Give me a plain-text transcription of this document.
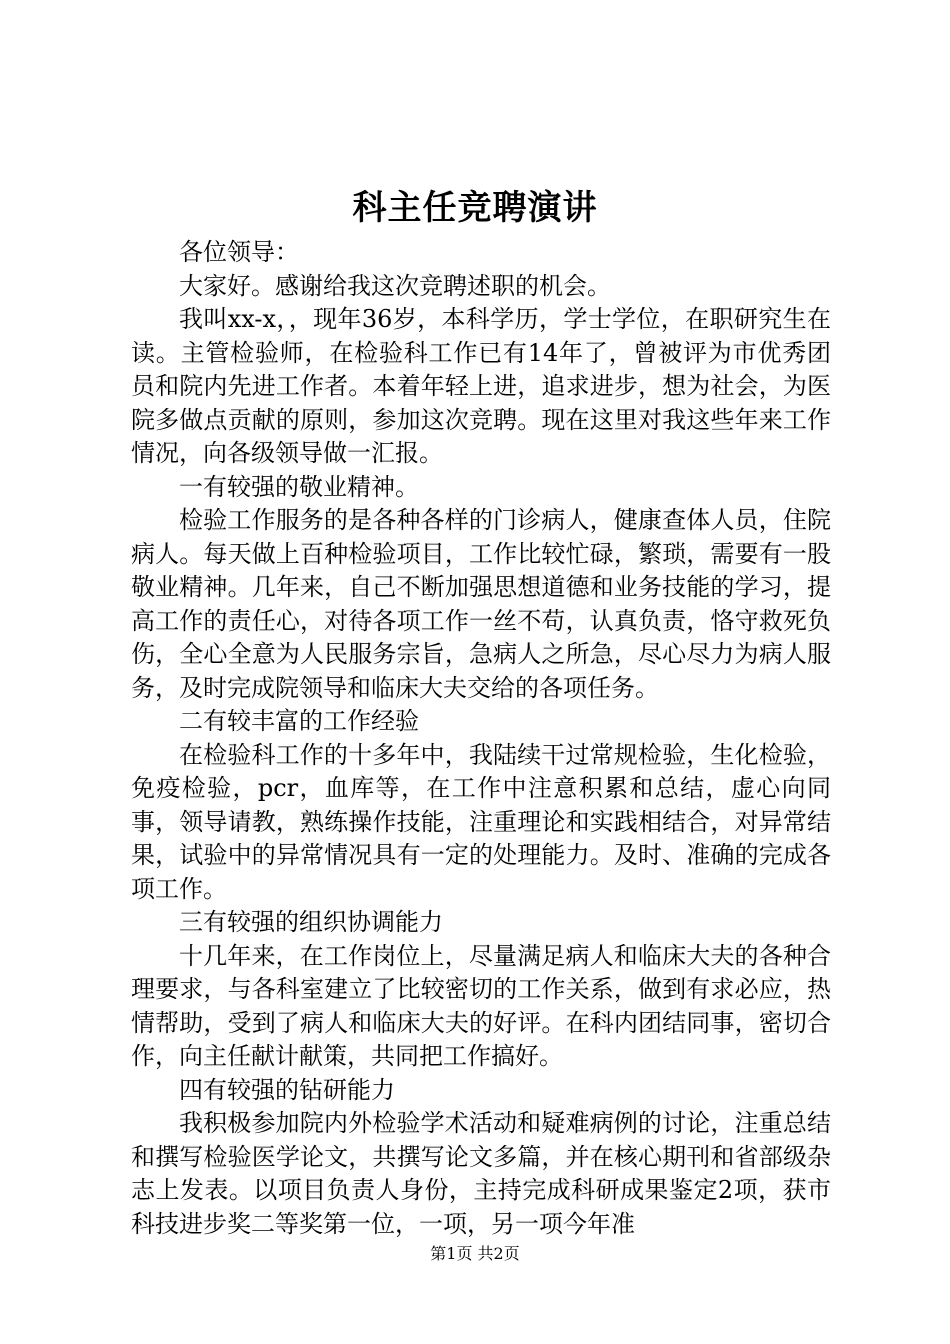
科主任竞聘演讲

各位领导：

大家好。感谢给我这次竞聘述职的机会。

我叫xx-x，，现年36岁，本科学历，学士学位，在职研究生在读。主管检验师，在检验科工作已有14年了，曾被评为市优秀团员和院内先进工作者。本着年轻上进，追求进步，想为社会，为医院多做点贡献的原则，参加这次竞聘。现在这里对我这些年来工作情况，向各级领导做一汇报。

一有较强的敬业精神。

检验工作服务的是各种各样的门诊病人，健康查体人员，住院病人。每天做上百种检验项目，工作比较忙碌，繁琐，需要有一股敬业精神。几年来，自己不断加强思想道德和业务技能的学习，提高工作的责任心，对待各项工作一丝不苟，认真负责，恪守救死负伤，全心全意为人民服务宗旨，急病人之所急，尽心尽力为病人服务，及时完成院领导和临床大夫交给的各项任务。

二有较丰富的工作经验

在检验科工作的十多年中，我陆续干过常规检验，生化检验，免疫检验，pcr，血库等，在工作中注意积累和总结，虚心向同事，领导请教，熟练操作技能，注重理论和实践相结合，对异常结果，试验中的异常情况具有一定的处理能力。及时、准确的完成各项工作。

三有较强的组织协调能力

十几年来，在工作岗位上，尽量满足病人和临床大夫的各种合理要求，与各科室建立了比较密切的工作关系，做到有求必应，热情帮助，受到了病人和临床大夫的好评。在科内团结同事，密切合作，向主任献计献策，共同把工作搞好。

四有较强的钻研能力

我积极参加院内外检验学术活动和疑难病例的讨论，注重总结和撰写检验医学论文，共撰写论文多篇，并在核心期刊和省部级杂志上发表。以项目负责人身份，主持完成科研成果鉴定2项，获市科技进步奖二等奖第一位，一项，另一项今年准

第1页 共2页
